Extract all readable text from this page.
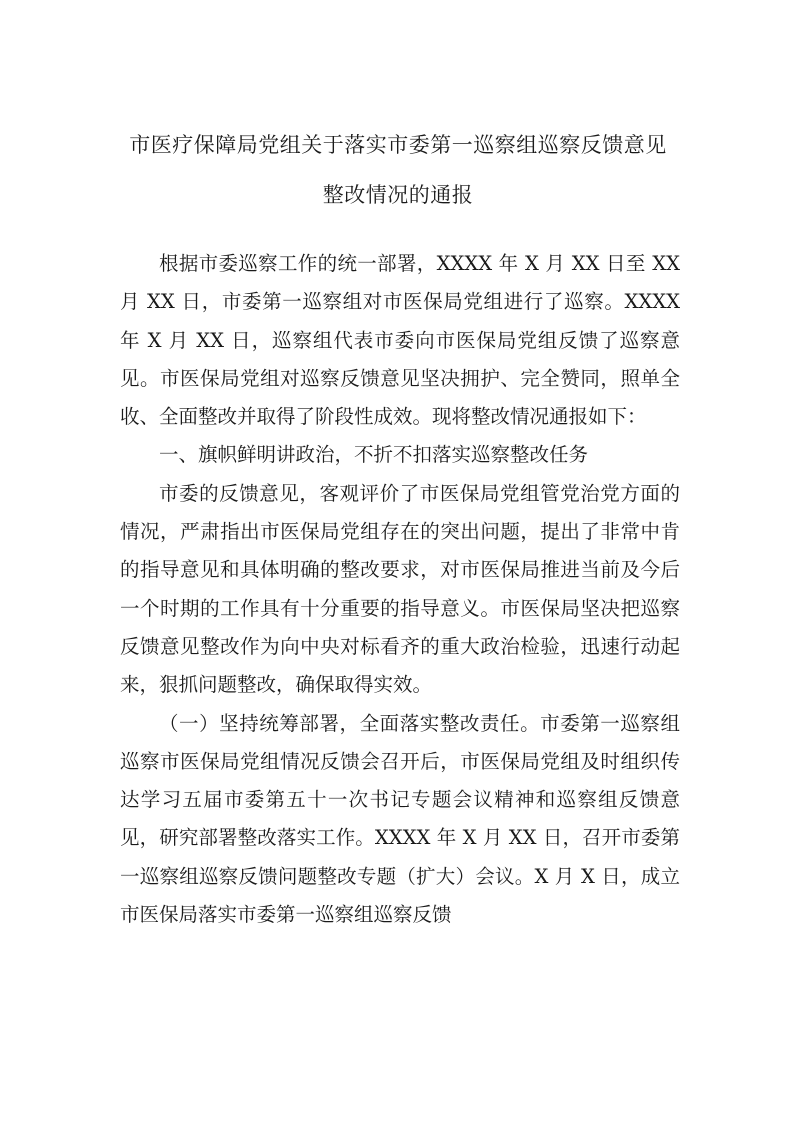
市医疗保障局党组关于落实市委第一巡察组巡察反馈意见
整改情况的通报

根据市委巡察工作的统一部署，XXXX 年 X 月 XX 日至 XX 月 XX 日，市委第一巡察组对市医保局党组进行了巡察。XXXX 年 X 月 XX 日，巡察组代表市委向市医保局党组反馈了巡察意见。市医保局党组对巡察反馈意见坚决拥护、完全赞同，照单全收、全面整改并取得了阶段性成效。现将整改情况通报如下：

一、旗帜鲜明讲政治，不折不扣落实巡察整改任务

市委的反馈意见，客观评价了市医保局党组管党治党方面的情况，严肃指出市医保局党组存在的突出问题，提出了非常中肯的指导意见和具体明确的整改要求，对市医保局推进当前及今后一个时期的工作具有十分重要的指导意义。市医保局坚决把巡察反馈意见整改作为向中央对标看齐的重大政治检验，迅速行动起来，狠抓问题整改，确保取得实效。

（一）坚持统筹部署，全面落实整改责任。市委第一巡察组巡察市医保局党组情况反馈会召开后，市医保局党组及时组织传达学习五届市委第五十一次书记专题会议精神和巡察组反馈意见，研究部署整改落实工作。XXXX 年 X 月 XX 日，召开市委第一巡察组巡察反馈问题整改专题（扩大）会议。X 月 X 日，成立市医保局落实市委第一巡察组巡察反馈
